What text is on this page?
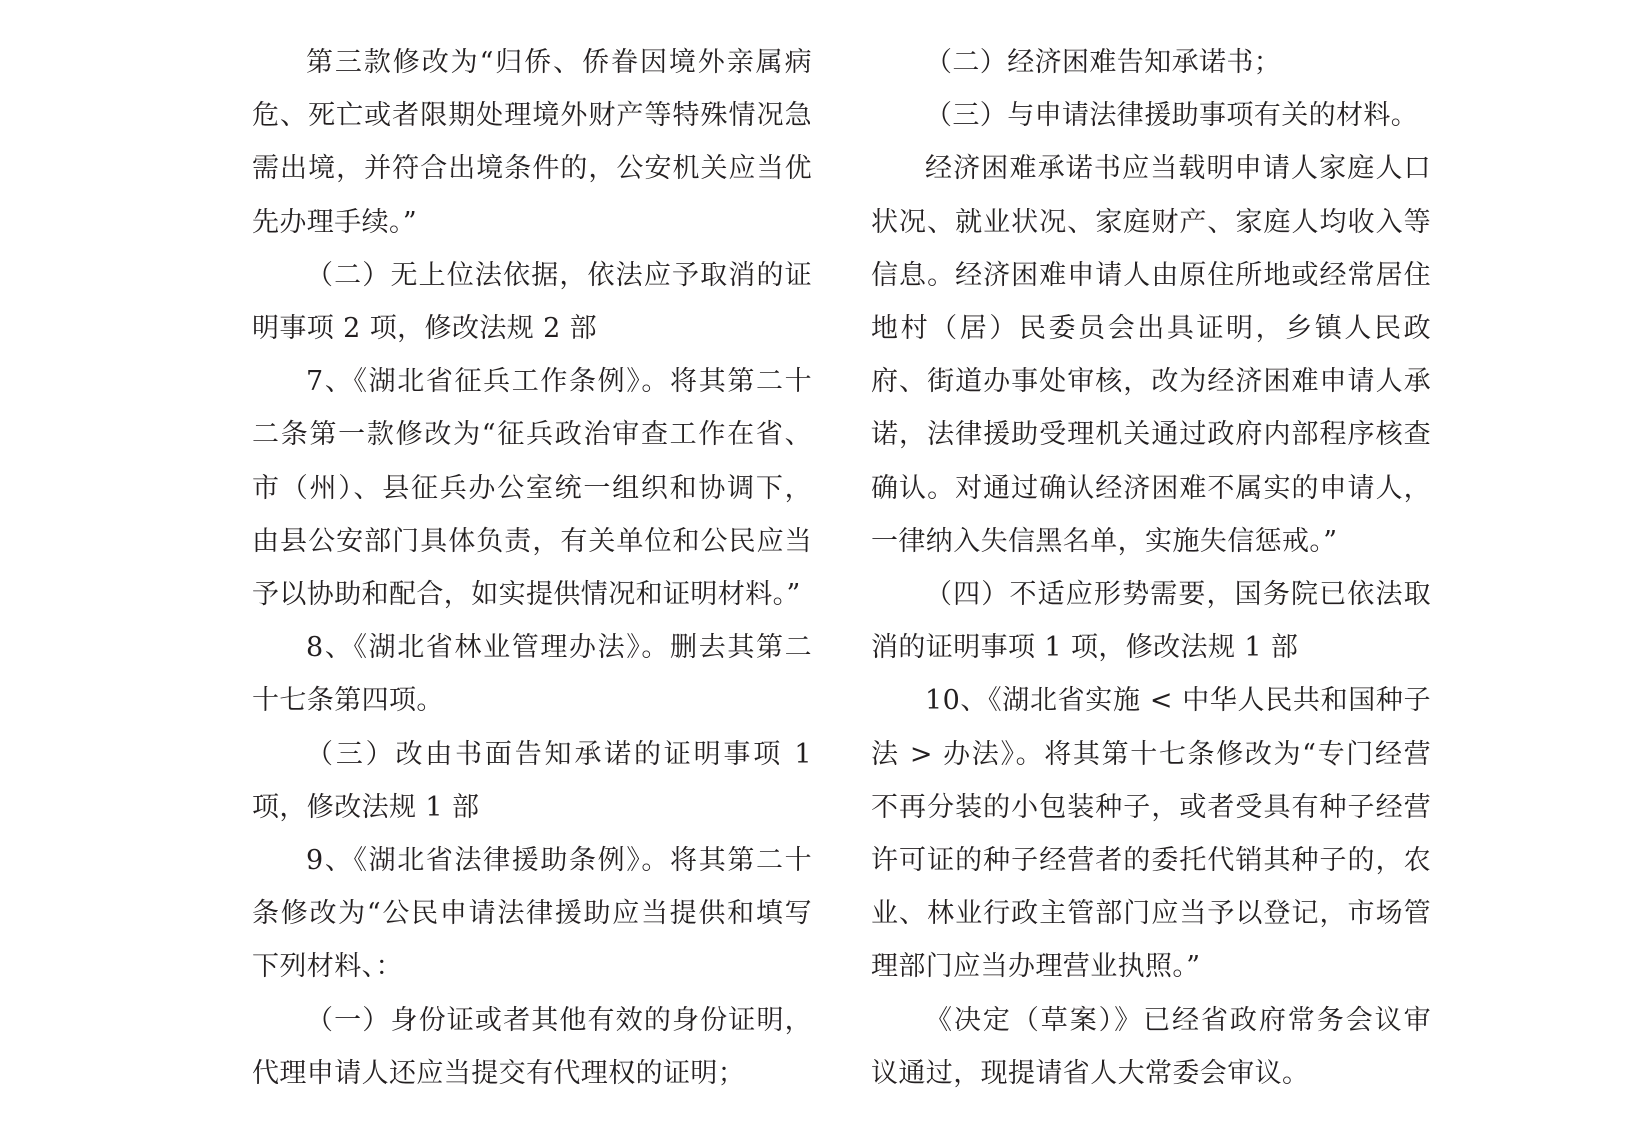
第三款修改为“归侨、侨眷因境外亲属病危、死亡或者限期处理境外财产等特殊情况急需出境，并符合出境条件的，公安机关应当优先办理手续。”

（二）无上位法依据，依法应予取消的证明事项 2 项，修改法规 2 部

7、《湖北省征兵工作条例》。将其第二十二条第一款修改为“征兵政治审查工作在省、市（州）、县征兵办公室统一组织和协调下，由县公安部门具体负责，有关单位和公民应当予以协助和配合，如实提供情况和证明材料。”

8、《湖北省林业管理办法》。删去其第二十七条第四项。

（三）改由书面告知承诺的证明事项 1 项，修改法规 1 部

9、《湖北省法律援助条例》。将其第二十条修改为“公民申请法律援助应当提供和填写下列材料、：

（一）身份证或者其他有效的身份证明，代理申请人还应当提交有代理权的证明；

（二）经济困难告知承诺书；

（三）与申请法律援助事项有关的材料。

经济困难承诺书应当载明申请人家庭人口状况、就业状况、家庭财产、家庭人均收入等信息。经济困难申请人由原住所地或经常居住地村（居）民委员会出具证明，乡镇人民政府、街道办事处审核，改为经济困难申请人承诺，法律援助受理机关通过政府内部程序核查确认。对通过确认经济困难不属实的申请人，一律纳入失信黑名单，实施失信惩戒。”

（四）不适应形势需要，国务院已依法取消的证明事项 1 项，修改法规 1 部

10、《湖北省实施 < 中华人民共和国种子法 > 办法》。将其第十七条修改为“专门经营不再分装的小包装种子，或者受具有种子经营许可证的种子经营者的委托代销其种子的，农业、林业行政主管部门应当予以登记，市场管理部门应当办理营业执照。”

《决定（草案）》已经省政府常务会议审议通过，现提请省人大常委会审议。
